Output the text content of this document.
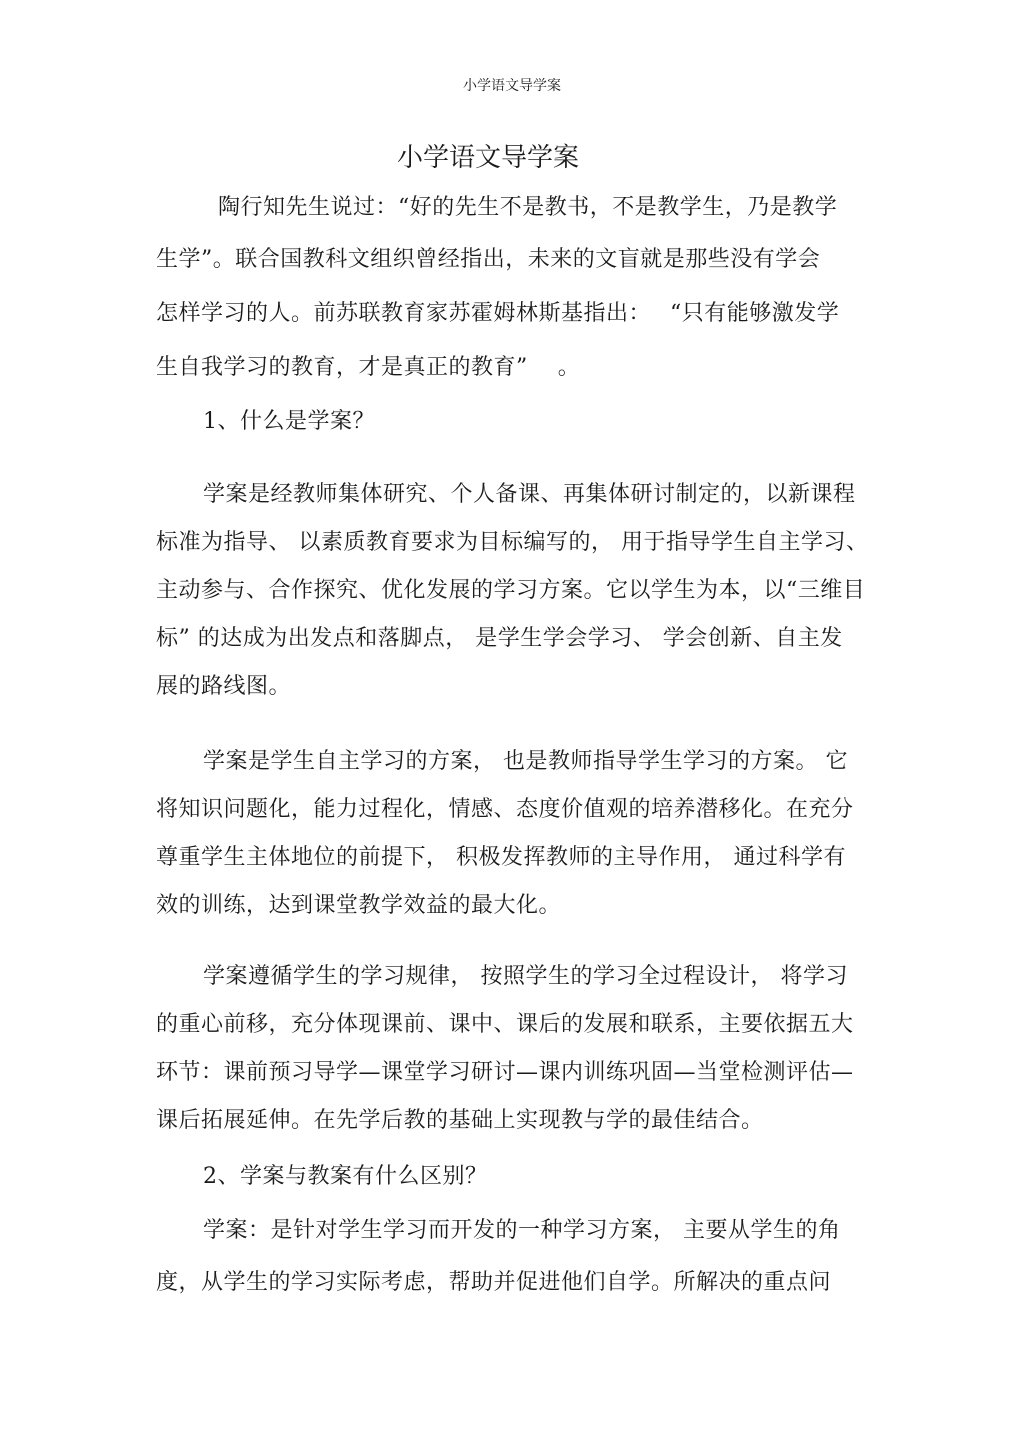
小学语文导学案
小学语文导学案
陶行知先生说过：“好的先生不是教书，不是教学生，乃是教学
生学”。联合国教科文组织曾经指出，未来的文盲就是那些没有学会
怎样学习的人。前苏联教育家苏霍姆林斯基指出：　 “只有能够激发学
生自我学习的教育，才是真正的教育”　 。
1、什么是学案？
学案是经教师集体研究、个人备课、再集体研讨制定的，以新课程
标准为指导、 以素质教育要求为目标编写的， 用于指导学生自主学习、
主动参与、合作探究、优化发展的学习方案。它以学生为本，以“三维目
标” 的达成为出发点和落脚点， 是学生学会学习、 学会创新、自主发
展的路线图。
学案是学生自主学习的方案， 也是教师指导学生学习的方案。 它
将知识问题化，能力过程化，情感、态度价值观的培养潜移化。在充分
尊重学生主体地位的前提下， 积极发挥教师的主导作用， 通过科学有
效的训练，达到课堂教学效益的最大化。
学案遵循学生的学习规律， 按照学生的学习全过程设计， 将学习
的重心前移，充分体现课前、课中、课后的发展和联系，主要依据五大
环节：课前预习导学—课堂学习研讨—课内训练巩固—当堂检测评估—
课后拓展延伸。在先学后教的基础上实现教与学的最佳结合。
2、学案与教案有什么区别？
学案：是针对学生学习而开发的一种学习方案， 主要从学生的角
度，从学生的学习实际考虑，帮助并促进他们自学。所解决的重点问
